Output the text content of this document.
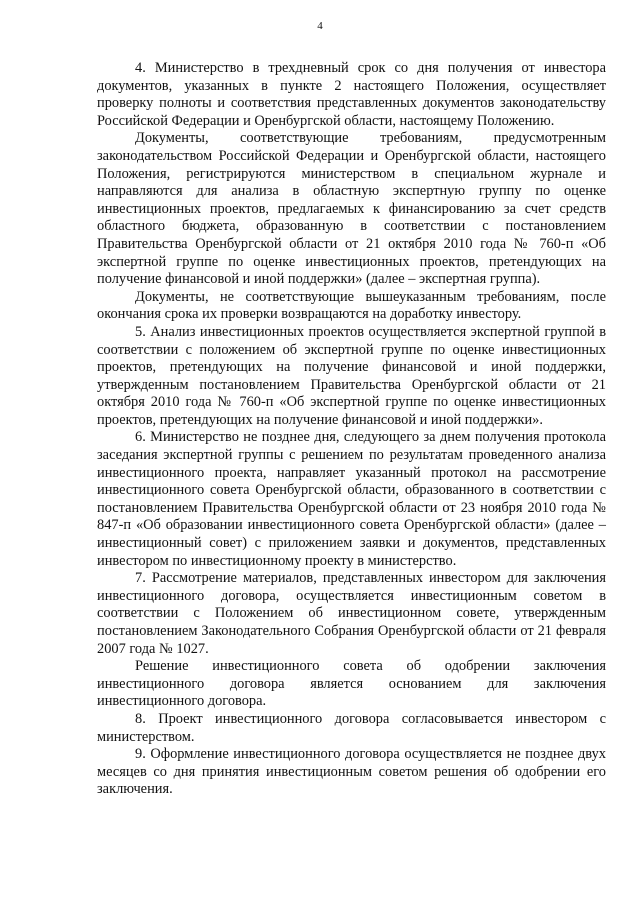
4

4. Министерство в трехдневный срок со дня получения от инвестора документов, указанных в пункте 2 настоящего Положения, осуществляет проверку полноты и соответствия представленных документов законодательству Российской Федерации и Оренбургской области, настоящему Положению.

Документы, соответствующие требованиям, предусмотренным законодательством Российской Федерации и Оренбургской области, настоящего Положения, регистрируются министерством в специальном журнале и направляются для анализа в областную экспертную группу по оценке инвестиционных проектов, предлагаемых к финансированию за счет средств областного бюджета, образованную в соответствии с постановлением Правительства Оренбургской области от 21 октября 2010 года № 760-п «Об экспертной группе по оценке инвестиционных проектов, претендующих на получение финансовой и иной поддержки» (далее – экспертная группа).

Документы, не соответствующие вышеуказанным требованиям, после окончания срока их проверки возвращаются на доработку инвестору.

5. Анализ инвестиционных проектов осуществляется экспертной группой в соответствии с положением об экспертной группе по оценке инвестиционных проектов, претендующих на получение финансовой и иной поддержки, утвержденным постановлением Правительства Оренбургской области от 21 октября 2010 года № 760-п «Об экспертной группе по оценке инвестиционных проектов, претендующих на получение финансовой и иной поддержки».

6. Министерство не позднее дня, следующего за днем получения протокола заседания экспертной группы с решением по результатам проведенного анализа инвестиционного проекта, направляет указанный протокол на рассмотрение инвестиционного совета Оренбургской области, образованного в соответствии с постановлением Правительства Оренбургской области от 23 ноября 2010 года № 847-п «Об образовании инвестиционного совета Оренбургской области» (далее – инвестиционный совет) с приложением заявки и документов, представленных инвестором по инвестиционному проекту в министерство.

7. Рассмотрение материалов, представленных инвестором для заключения инвестиционного договора, осуществляется инвестиционным советом в соответствии с Положением об инвестиционном совете, утвержденным постановлением Законодательного Собрания Оренбургской области от 21 февраля 2007 года № 1027.

Решение инвестиционного совета об одобрении заключения инвестиционного договора является основанием для заключения инвестиционного договора.

8. Проект инвестиционного договора согласовывается инвестором с министерством.

9. Оформление инвестиционного договора осуществляется не позднее двух месяцев со дня принятия инвестиционным советом решения об одобрении его заключения.
